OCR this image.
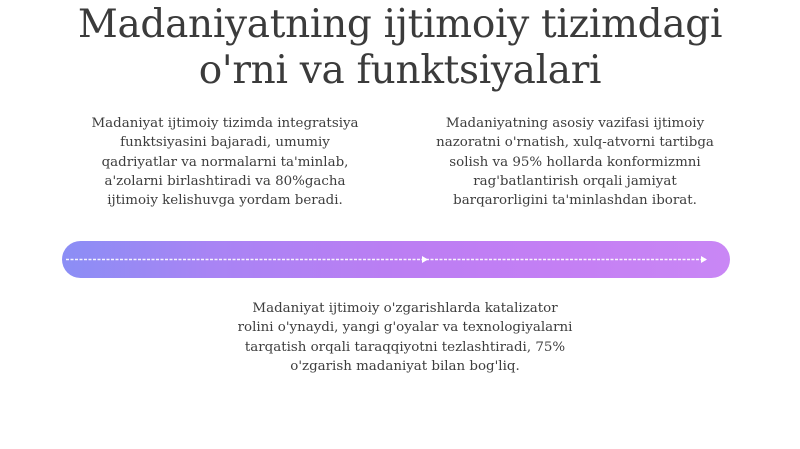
Madaniyatning ijtimoiy tizimdagi
o'rni va funktsiyalari
Madaniyat ijtimoiy tizimda integratsiya
funktsiyasini bajaradi, umumiy
qadriyatlar va normalarni ta'minlab,
a'zolarni birlashtiradi va 80%gacha
ijtimoiy kelishuvga yordam beradi.
Madaniyatning asosiy vazifasi ijtimoiy
nazoratni o'rnatish, xulq-atvorni tartibga
solish va 95% hollarda konformizmni
rag'batlantirish orqali jamiyat
barqarorligini ta'minlashdan iborat.
Madaniyat ijtimoiy o'zgarishlarda katalizator
rolini o'ynaydi, yangi g'oyalar va texnologiyalarni
tarqatish orqali taraqqiyotni tezlashtiradi, 75%
o'zgarish madaniyat bilan bog'liq.
